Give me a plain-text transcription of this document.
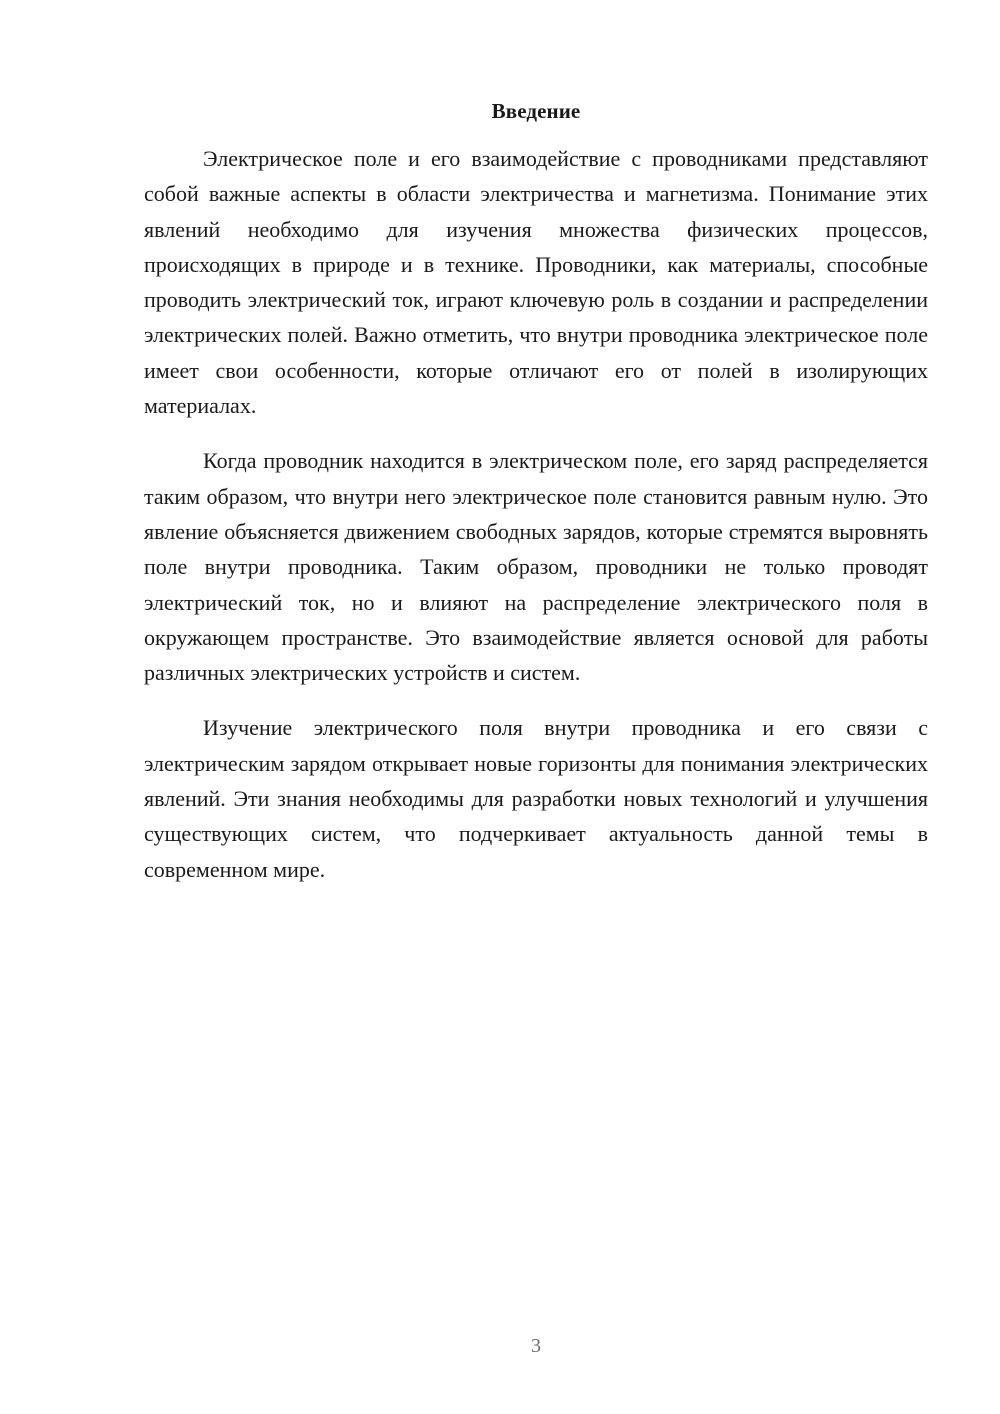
Введение

Электрическое поле и его взаимодействие с проводниками представляют собой важные аспекты в области электричества и магнетизма. Понимание этих явлений необходимо для изучения множества физических процессов, происходящих в природе и в технике. Проводники, как материалы, способные проводить электрический ток, играют ключевую роль в создании и распределении электрических полей. Важно отметить, что внутри проводника электрическое поле имеет свои особенности, которые отличают его от полей в изолирующих материалах.

Когда проводник находится в электрическом поле, его заряд распределяется таким образом, что внутри него электрическое поле становится равным нулю. Это явление объясняется движением свободных зарядов, которые стремятся выровнять поле внутри проводника. Таким образом, проводники не только проводят электрический ток, но и влияют на распределение электрического поля в окружающем пространстве. Это взаимодействие является основой для работы различных электрических устройств и систем.

Изучение электрического поля внутри проводника и его связи с электрическим зарядом открывает новые горизонты для понимания электрических явлений. Эти знания необходимы для разработки новых технологий и улучшения существующих систем, что подчеркивает актуальность данной темы в современном мире.

3
